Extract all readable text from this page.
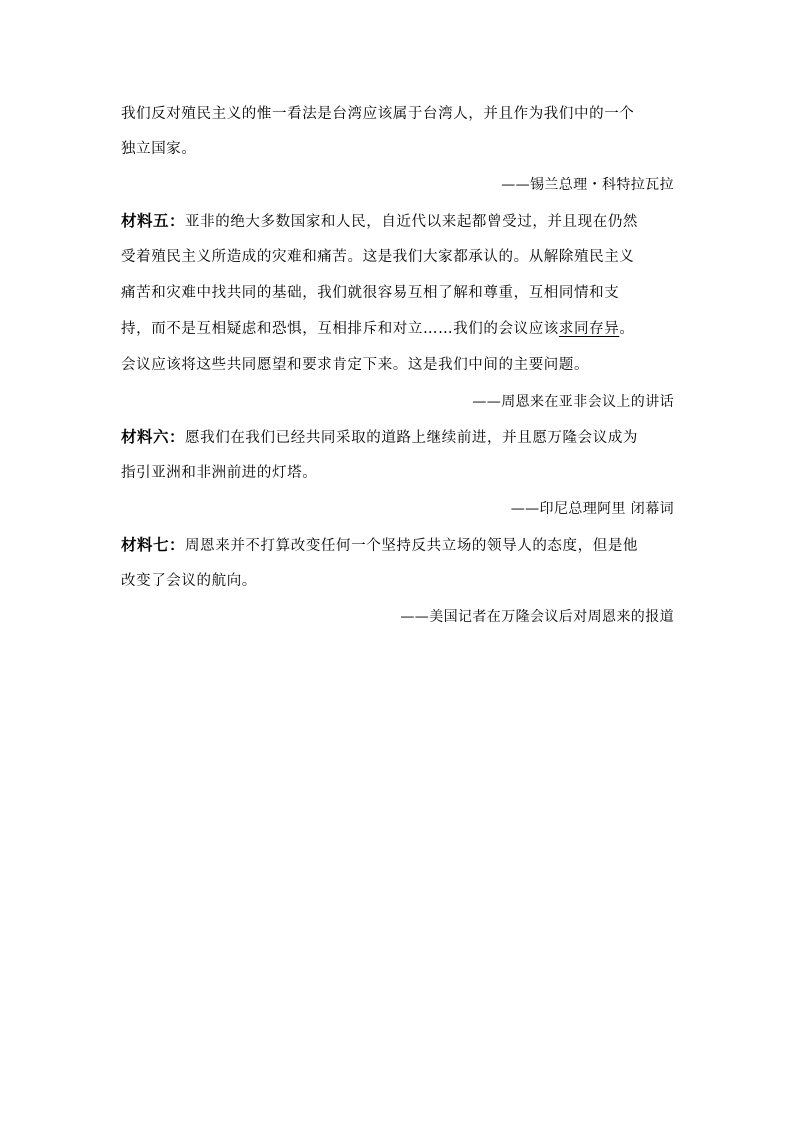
我们反对殖民主义的惟一看法是台湾应该属于台湾人，并且作为我们中的一个
独立国家。
——锡兰总理・科特拉瓦拉
材料五：亚非的绝大多数国家和人民，自近代以来起都曾受过，并且现在仍然
受着殖民主义所造成的灾难和痛苦。这是我们大家都承认的。从解除殖民主义
痛苦和灾难中找共同的基础，我们就很容易互相了解和尊重，互相同情和支
持，而不是互相疑虑和恐惧，互相排斥和对立……我们的会议应该求同存异。
会议应该将这些共同愿望和要求肯定下来。这是我们中间的主要问题。
——周恩来在亚非会议上的讲话
材料六：愿我们在我们已经共同采取的道路上继续前进，并且愿万隆会议成为
指引亚洲和非洲前进的灯塔。
——印尼总理阿里 闭幕词
材料七：周恩来并不打算改变任何一个坚持反共立场的领导人的态度，但是他
改变了会议的航向。
——美国记者在万隆会议后对周恩来的报道
